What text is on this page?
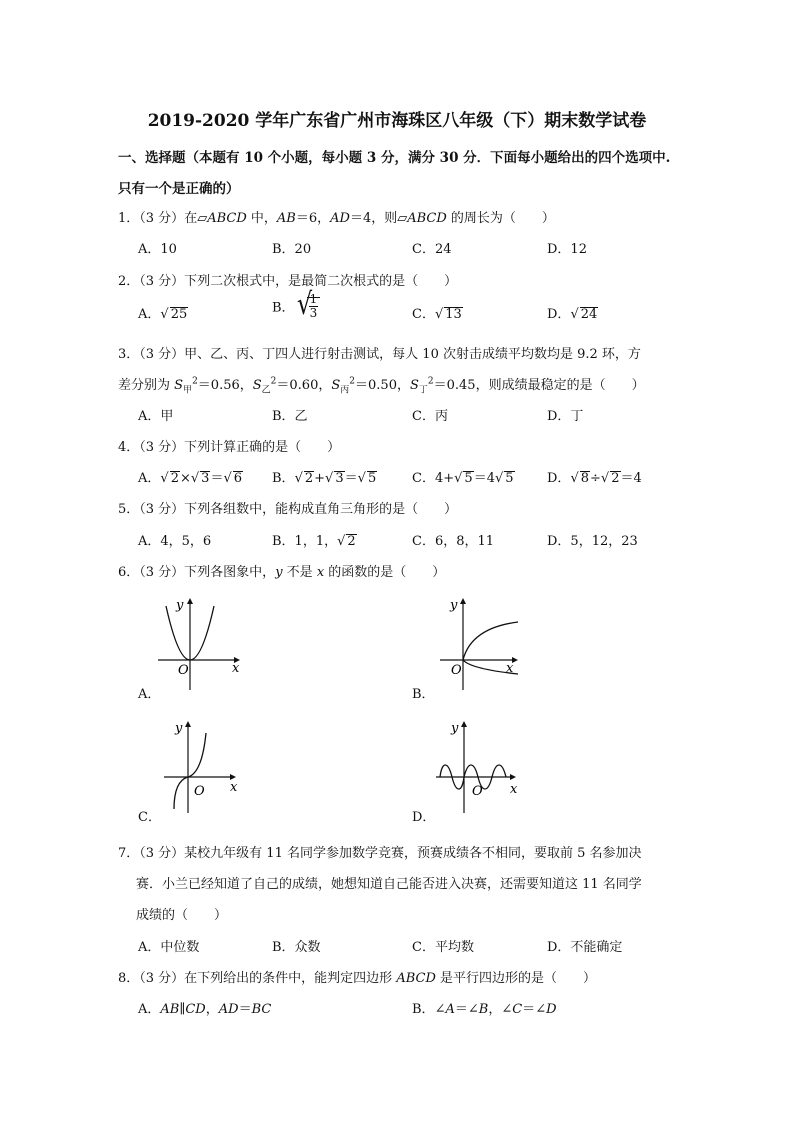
2019-2020 学年广东省广州市海珠区八年级（下）期末数学试卷
一、选择题（本题有 10 个小题，每小题 3 分，满分 30 分．下面每小题给出的四个选项中.
只有一个是正确的）
1．（3 分）在▱ABCD 中，AB＝6，AD＝4，则▱ABCD 的周长为（　　）
A．10	B．20	C．24	D．12
2．（3 分）下列二次根式中，是最简二次根式的是（　　）
A．√ 25	B． √
$\frac{1}{3}$	C．√ 13	D．√ 24
3．（3 分）甲、乙、丙、丁四人进行射击测试，每人 10 次射击成绩平均数均是 9.2 环，方
差分别为 $S_甲^2=0.56$，$S_乙^2=0.60$，$S_丙^2=0.50$，$S_丁^2=0.45$，则成绩最稳定的是（　　）
A．甲	B．乙	C．丙	D．丁
4．（3 分）下列计算正确的是（　　）
A．√ 2×√ 3＝√ 6 B．√ 2+√ 3＝√ 5	C．4+√ 5＝4√ 5	D．√ 8÷√ 2＝4
5．（3 分）下列各组数中，能构成直角三角形的是（　　）
A．4，5，6	B．1，1，√ 2	C．6，8，11	D．5，12，23
6．（3 分）下列各图象中，y 不是 x 的函数的是（　　）
y
x
O
A．
y
x
O
B．
y
x
O
C．
y
x
O
D．
7．（3 分）某校九年级有 11 名同学参加数学竞赛，预赛成绩各不相同，要取前 5 名参加决
赛．小兰已经知道了自己的成绩，她想知道自己能否进入决赛，还需要知道这 11 名同学
成绩的（　　）
A．中位数	B．众数	C．平均数	D．不能确定
8．（3 分）在下列给出的条件中，能判定四边形 ABCD 是平行四边形的是（　　）
A．AB∥CD，AD＝BC	B．∠A＝∠B，∠C＝∠D
